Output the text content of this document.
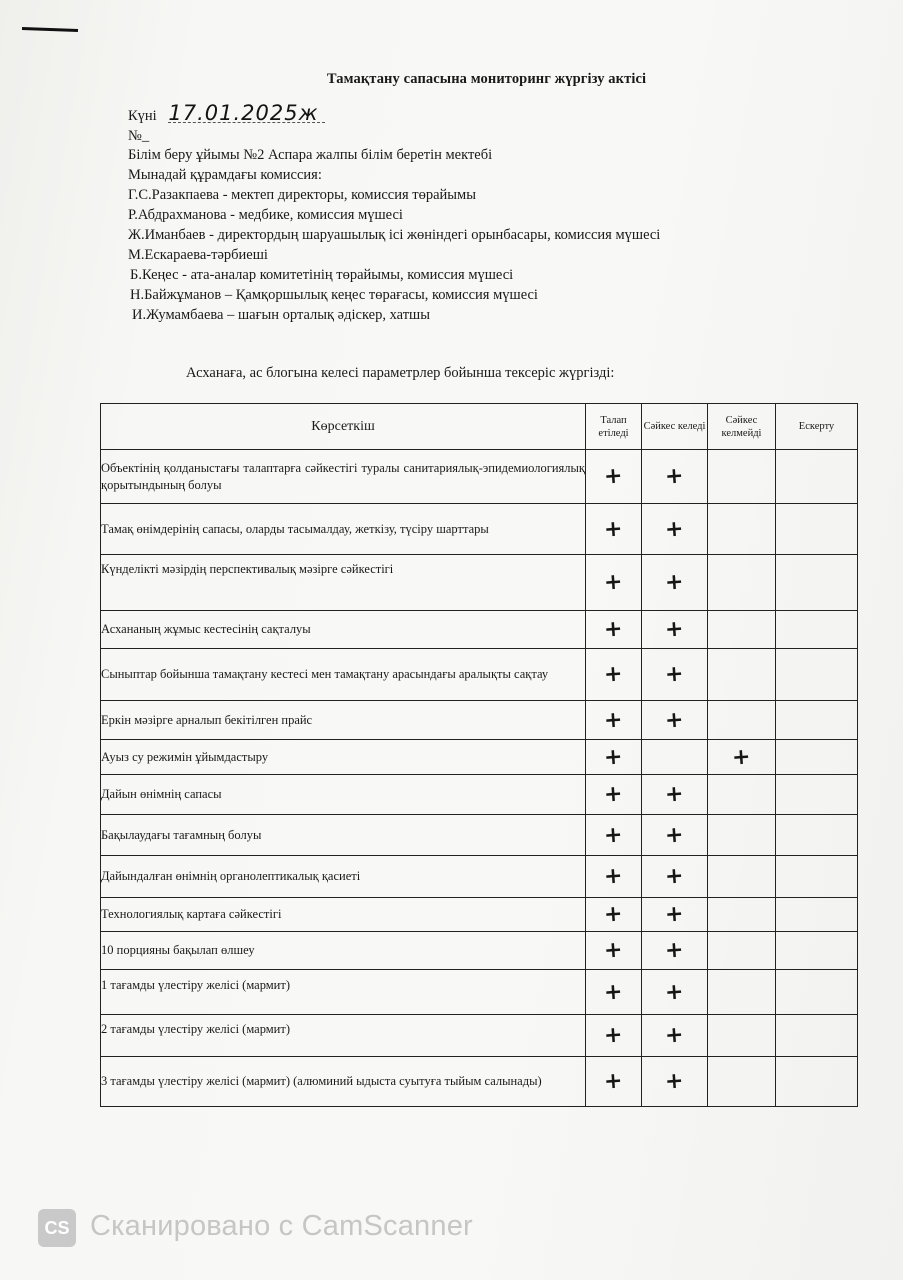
Тамақтану сапасына мониторинг жүргізу актісі
Күні 17.01.2025ж
№_
Білім беру ұйымы №2 Аспара жалпы білім беретін мектебі
Мынадай құрамдағы комиссия:
Г.С.Разакпаева - мектеп директоры, комиссия төрайымы
Р.Абдрахманова - медбике, комиссия мүшесі
Ж.Иманбаев - директордың шаруашылық ісі жөніндегі орынбасары, комиссия мүшесі
М.Ескараева-тәрбиеші
Б.Кеңес - ата-аналар комитетінің төрайымы, комиссия мүшесі
Н.Байжұманов – Қамқоршылық кеңес төрағасы, комиссия мүшесі
И.Жумамбаева – шағын орталық әдіскер, хатшы
Асханаға, ас блогына келесі параметрлер бойынша тексеріс жүргізді:
Көрсеткіш	Талап етіледі	Сәйкес келеді	Сәйкес келмейді	Ескерту
Объектінің қолданыстағы талаптарға сәйкестігі туралы санитариялық-эпидемиологиялық қорытындының болуы	+	+		
Тамақ өнімдерінің сапасы, оларды тасымалдау, жеткізу, түсіру шарттары	+	+		
Күнделікті мәзірдің перспективалық мәзірге сәйкестігі	+	+		
Асхананың жұмыс кестесінің сақталуы	+	+		
Сыныптар бойынша тамақтану кестесі мен тамақтану арасындағы аралықты сақтау	+	+		
Еркін мәзірге арналып бекітілген прайс	+	+		
Ауыз су режимін ұйымдастыру	+		+	
Дайын өнімнің сапасы	+	+		
Бақылаудағы тағамның болуы	+	+		
Дайындалған өнімнің органолептикалық қасиеті	+	+		
Технологиялық картаға сәйкестігі	+	+		
10 порцияны бақылап өлшеу	+	+		
1 тағамды үлестіру желісі (мармит)	+	+		
2 тағамды үлестіру желісі (мармит)	+	+		
3 тағамды үлестіру желісі (мармит) (алюминий ыдыста суытуға тыйым салынады)	+	+		
CS Сканировано с CamScanner
